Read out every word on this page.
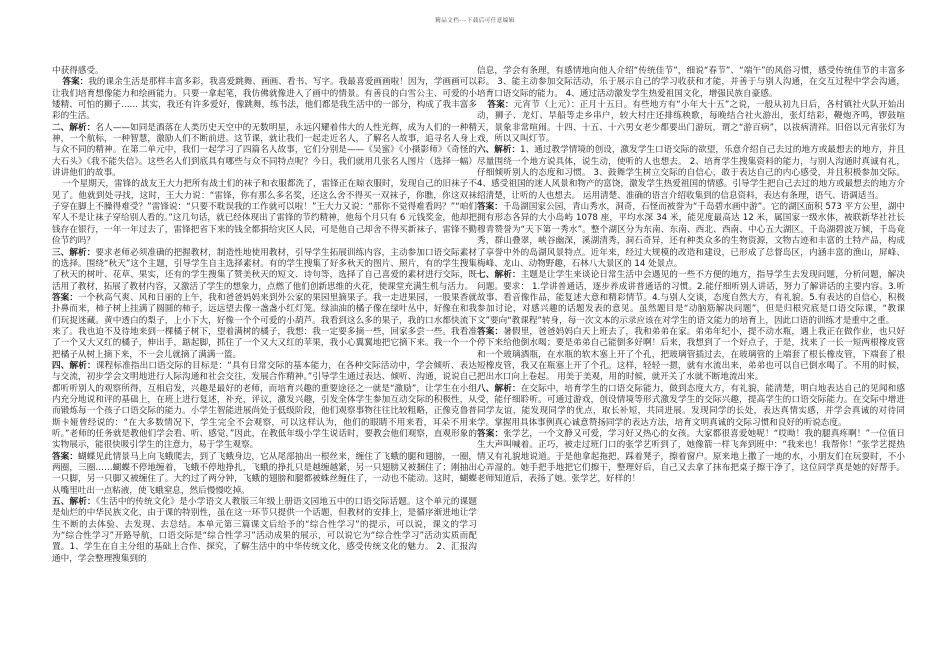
精品文档---下载后可任意编辑

中获得感受。

答案：我的课余生活是那样丰富多彩，我喜爱跳舞、画画、看书、写字。我最喜爱画画啦！因为，学画画可以让我们培育想像能力和绘画能力。只要一拿起笔，我仿佛就像进入了画中的情景。有善良的白雪公主、可爱的小矮精、可怕的狮子…… 其实，我还有许多爱好，像跳舞，练书法，他们都是我生活中的一部分，构成了我丰富多彩的生活。

二、解析：名人——如同是酒落在人类历史天空中的无数明星，永远闪耀着伟大的人性光辉，成为人们的一种精神，一个航标，一种智慧，激励人们不断前进。这节课，就让我们一起走近名人，了解名人故事，追寻名人身上与众不同的精神。在第二单元中，我们一起学习了四篇名人故事，它们分别是——《吴蜜》《小摄影师》《奇怪的大石头》《我不能失信》。这些名人们到底具有哪些与众不同特点呢？今日，我们就用几张名人图片（选择一幅）讲讲他们的故事。

一个星期天，雷锋的战友王大力把所有战士们的袜子和衣服都洗了，雷锋正在晾衣服时，发现自己的旧袜子不见了。他就到处寻找，这时，王大力说：“雷锋，你有那么多名奖，还这么舍不得买一双袜子，你瞧，你这双袜子穿在脚上不臊得难受？”雷锋说：“只要不耽误我的工作就可以啦！”王大力又说：“那你不觉得难看吗？”“咱们军人不是让袜子穿给别人看的。”这几句话，就已经体现出了雷锋的节约精神，他每个月只有 6 元钱奖金，他却把钱存在银行，一年一年过去了，雷锋把省下来的钱全都捐给灾区人民，可是他自己却舍不得买新袜子，雷锋不勤俭节约吗？

三、解析：要求老师必须准确的把握教材，制造性地使用教材，引导学生拓展训练内容，主动参加口语交际素材的选择。围绕“秋天”这个主题，引导学生自主选择素材。有的学生搜集了好多秋天的图片、照片，有的学生搜集了秋天的树叶、花草、果实，还有的学生搜集了赞美秋天的短文、诗句等，选择了自己喜爱的素材进行交际，既活用了教材，拓展了教材内容，又激活了学生的想象力，点燃了他们创新思维的火花，使课堂充满生机与活力。

答案：一个秋高气爽、风和日丽的上午，我和爸爸妈妈来到外公家的果园里摘果子。我一走进果园，一股果香就扑鼻而来，柿子树上挂满了圆圆的柿子，远远望去像一盏盏小红灯笼。绿油油的橘子像在绿叶丛中，好像在和我们玩捉迷藏。黄中透白的梨子，上小下大，好像一个个可爱的小葫芦。我看到这么多的果子，我的口水都快流下来了。我也迫不及待地来到一棵橘子树下，望着满树的橘子，我想：我一定要多摘一些，回家多尝一些。我看准了一个又大又红的橘子，伸出手，踮起脚，抓住了一个又大又红的苹果，我小心翼翼地把它摘下来。我一个一个把橘子从树上摘下来，不一会儿就摘了满满一篮。

四、解析：课程标准指出口语交际的目标是：“具有日常交际的基本能力，在各种交际活动中，学会倾听、表达与交流，初步学会文明地进行人际沟通和社会交往，发展合作精神。”引导学生通过表达、倾听、沟通，说说自己都听听别人的观察所得，互相启发，兴趣是最好的老师，而培育兴趣的重要途径之一就是“激励”，让学生在小组内充分地说和评的基础上，在班上进行复述，补充，评议，激发兴趣，引发全体学生参加互动交际的积极性，从而锻炼每一个孩子口语交际的能力。小学生智能进展尚处于低级阶段，他们观察事物往往比较粗略，正像克鲁普斯卡娅曾经说的：“在大多数情况下，学生完全不会观察，可以这样认为，他们的眼睛不用来看，耳朵不用来听。”老师的任务就是教他们学会看、听、感觉，”因此，在教低年级小学生说话时，要教会他们观察，直观形象的实物展示，能很快吸引学生的注意力，易于学生观察。

答案：蝴蝶见此情景马上向飞蛾爬去，到了飞蛾身边，它从尾部抽出一根丝来，缠住了飞蛾的腿和翅膀，一圈，两圈，三圈……蝴蝶不停地缠着，飞蛾不停地挣扎，飞蛾的挣扎只是越缠越紧，另一只翅膀又被捆住了；刚抽出一只脚，另一只脚又被缠住了。大约过了两分钟，飞蛾的翅膀和腿都被蛛丝缠住了，一动也不能动。这时，蝴蝶从嘴里吐出一点粘液，使飞蛾窒息，然后慢慢吃掉。

五、解析：《生活中的传统文化》是小学语文人教版三年级上册语文园地五中的口语交际话题。这个单元的课题是灿烂的中华民族文化，由于课的特别性，虽在这一环节只提供一个话题，但教材的安排上，是循序渐进地让学生不断的去体验、去发现、去总结。本单元第三篇课文后给予的“综合性学习”的提示，可以说，课文的学习为“综合性学习”开路导航，口语交际是“综合性学习”活动成果的展示，可以说它为“综合性学习”活动实质而配置。1、学生在自主分组的基础上合作、探究，了解生活中的中华传统文化，感受传统文化的魅力。 2、汇报沟通中，学会整理搜集到的

信息，学会有条理，有感情地向他人介绍“传统佳节”，细说“春节”、“端午”的风俗习惯，感受传统佳节的丰富多彩。 3、能主动参加交际活动，乐于展示自己的学习收获和才能，并善于与别人沟通，在交互过程中学会沟通，培育口语交际的能力。 4、通过活动激发学生热爱祖国文化，增强民族自豪感。

答案：元宵节（上元）：正月十五日。有些地方有“小年大十五”之说，一般从初九日后，各村镇社火队开始出动，狮子、龙灯、旱船等走乡串户，较大村庄还排练秧歌，每晚结合社火游出，张灯结彩，鞭炮齐鸣，锣鼓喧天，景象非常喧闹。十四、十五、十六男女老少都要出门游玩，谓之“游百病”，以祓病清祥。旧俗以元宵张灯为戏，所以又叫灯节。

六、解析：1、通过教学情境的创设，激发学生口语交际的欲望，乐意介绍自己去过的地方或最想去的地方，并且尽量围绕一个地方说具体，说生动，使听的人也想去。 2、培育学生搜集资料的能力，与别人沟通时真诚有礼，仔细倾听别人的态度和习惯。 3、鼓舞学生树立交际的自信心，敢于表达自己的内心感受，并且积极参加交际。 4、感受祖国的迷人风景和物产的富饶，激发学生热爱祖国的情感。引导学生把自己去过的地方或最想去的地方介绍清楚，让听的人也想去。 运用清楚、准确的语言介绍收集到的信息资料，表达有条理，语气、语调适当。

答案：千岛湖国家公园，青山秀水，洞奇，石怪而被誉为“千岛碧水画中游”。它的湖区面积 573 平方公里，湖中拥有形态各异的大小岛屿 1078 座，平均水深 34 米，能见度最高达 12 米，属国家一级水体，被联新华社社长穆青赞誉为“天下第一秀水”。整个湖区分为东南、东南、西北、西南、中心五大湖区。千岛湖碧波万倾，千岛竟秀，群山叠翠，峡谷幽深，溪湖清秀，洞石奇异，还有种类众多的生物资源，文物古迹和丰富的土特产品，构成了享誉中外的岛湖风景特点。近年来，经过大规模的改造和建设，已形成了总督岛区，内涵丰富的渔山，屏峰、梅峰、龙山、动物野趣，石林八大景区的 14 处景点。

七、解析：主题是让学生来谈论日常生活中会遇见的一些不方便的地方，指导学生去发现问题，分析问题，解决问题。要求： 1.学讲普通话，逐步养成讲普通话的习惯。2.能仔细听别人讲话，努力了解讲话的主要内容。3.听故事、看音像作品，能复述大意和精彩情节。4.与别人交谈，态度自然大方，有礼貌。5.有表达的自信心，积极参加讨论，对感兴趣的话题发表的意见。虽然题目是“动脑筋解决问题”，但是归根究底是口语交际课，“教课文”要向“教课程”转身，每一次文本的示录应该在对学生的语文能力的培育上，因此口语的训练才是重中之重。

答案：暑假里，爸爸妈妈白天上班去了，我和弟弟在家。弟弟年纪小，提不动水瓶，遇上我正在做作业，也只好停下来给他倒水喝；要是弟弟自己能倒多好啊！后来，我想到了一个好点子，于是，找来了一长一短两根橡皮管和一个玻璃酒瓶，在水瓶的软木塞上开了个孔，把玻璃管插过去，在玻璃管的上端套了根长橡皮管，下端套了根短橡皮管，我又在瓶塞上开了个孔。这样，轻轻一摁，就有水流出来，弟弟也可以自已倒水喝了。不用的时候，把出水口向上卷起。 用美于美观，用的时候，就开关了水就不断地流出来。

八、解析：在交际中，培育学生的口语交际能力，做到态度大方，有礼貌，能清楚，明白地表达自己的见闻和感受，能仔细聆听。可通过游戏，创设情境等形式激发学生的交际兴趣，提高学生的口语交际能力。在交际中增进同学友谊，能发现同学的优点，取长补短，共同进展。发现同学的长处，表达真情实感，并学会真诚的对待同学。掌握用具体事例真心诚意赞扬同学的表达方法，培育文明真诚的交际习惯和良好的听说态度。

答案：张学艺，一个文静又可爱，学习好又热心的女孩。大家都很喜爱她呢！“哎呦！我的腿真疼啊！”一位值日生大声叫喊着。正巧，被走过班门口的张学艺听到了，她像箭一样飞奔到班中：“我来也！我帮你！”张学艺提热情又有礼貌地说道。于是他拿起拖把，踩着凳子，擦着窗户。原来地上撒了一地的水，小朋友们在玩耍时，不小心弄湿的。她手把手地把它们擦干，整理好后，自己又去拿了抹布把桌子擦干净了，这位同学真是她的好帮手。老师知道后，表扬了她。张学艺，好样的！
